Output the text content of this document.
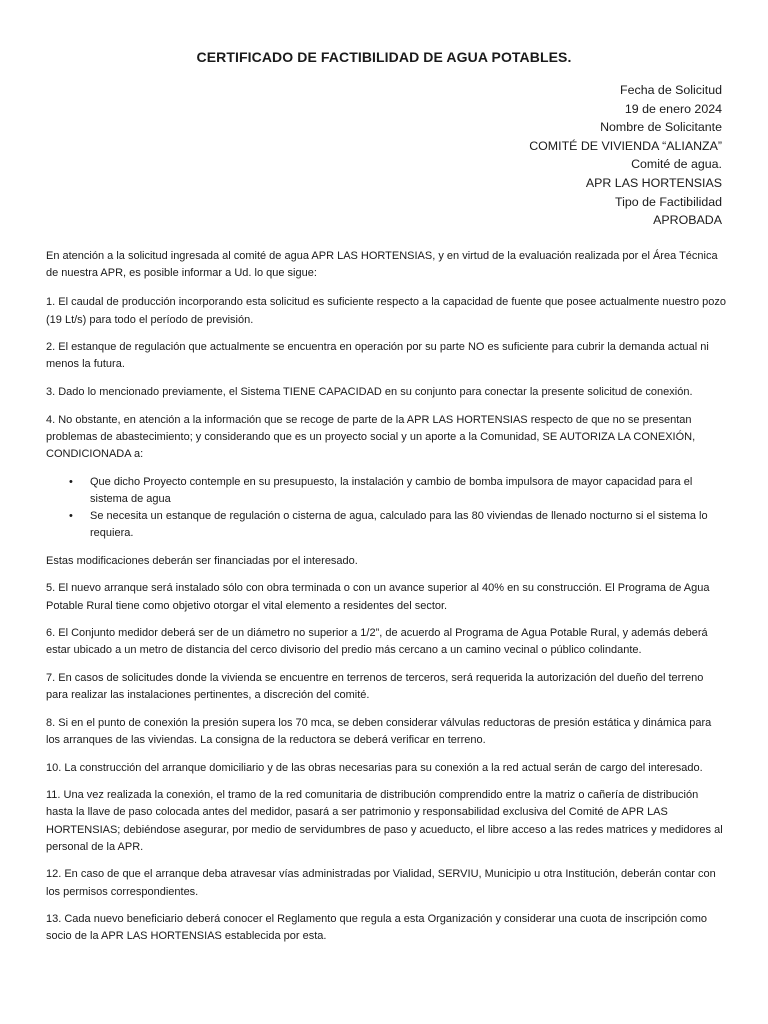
CERTIFICADO DE FACTIBILIDAD DE AGUA POTABLES.
Fecha de Solicitud
19 de enero 2024
Nombre de Solicitante
COMITÉ DE VIVIENDA “ALIANZA”
Comité de agua.
APR LAS HORTENSIAS
Tipo de Factibilidad
APROBADA

En atención a la solicitud ingresada al comité de agua APR LAS HORTENSIAS, y en virtud de la evaluación realizada por el Área Técnica de nuestra APR, es posible informar a Ud. lo que sigue:

1. El caudal de producción incorporando esta solicitud es suficiente respecto a la capacidad de fuente que posee actualmente nuestro pozo (19 Lt/s) para todo el período de previsión.

2. El estanque de regulación que actualmente se encuentra en operación por su parte NO es suficiente para cubrir la demanda actual ni menos la futura.

3. Dado lo mencionado previamente, el Sistema TIENE CAPACIDAD en su conjunto para conectar la presente solicitud de conexión.

4. No obstante, en atención a la información que se recoge de parte de la APR LAS HORTENSIAS respecto de que no se presentan problemas de abastecimiento; y considerando que es un proyecto social y un aporte a la Comunidad, SE AUTORIZA LA CONEXIÓN, CONDICIONADA a:

• Que dicho Proyecto contemple en su presupuesto, la instalación y cambio de bomba impulsora de mayor capacidad para el sistema de agua
• Se necesita un estanque de regulación o cisterna de agua, calculado para las 80 viviendas de llenado nocturno si el sistema lo requiera.

Estas modificaciones deberán ser financiadas por el interesado.

5. El nuevo arranque será instalado sólo con obra terminada o con un avance superior al 40% en su construcción. El Programa de Agua Potable Rural tiene como objetivo otorgar el vital elemento a residentes del sector.

6. El Conjunto medidor deberá ser de un diámetro no superior a 1/2”, de acuerdo al Programa de Agua Potable Rural, y además deberá estar ubicado a un metro de distancia del cerco divisorio del predio más cercano a un camino vecinal o público colindante.

7. En casos de solicitudes donde la vivienda se encuentre en terrenos de terceros, será requerida la autorización del dueño del terreno para realizar las instalaciones pertinentes, a discreción del comité.

8. Si en el punto de conexión la presión supera los 70 mca, se deben considerar válvulas reductoras de presión estática y dinámica para los arranques de las viviendas. La consigna de la reductora se deberá verificar en terreno.

10. La construcción del arranque domiciliario y de las obras necesarias para su conexión a la red actual serán de cargo del interesado.

11. Una vez realizada la conexión, el tramo de la red comunitaria de distribución comprendido entre la matriz o cañería de distribución hasta la llave de paso colocada antes del medidor, pasará a ser patrimonio y responsabilidad exclusiva del Comité de APR LAS HORTENSIAS; debiéndose asegurar, por medio de servidumbres de paso y acueducto, el libre acceso a las redes matrices y medidores al personal de la APR.

12. En caso de que el arranque deba atravesar vías administradas por Vialidad, SERVIU, Municipio u otra Institución, deberán contar con los permisos correspondientes.

13. Cada nuevo beneficiario deberá conocer el Reglamento que regula a esta Organización y considerar una cuota de inscripción como socio de la APR LAS HORTENSIAS establecida por esta.
